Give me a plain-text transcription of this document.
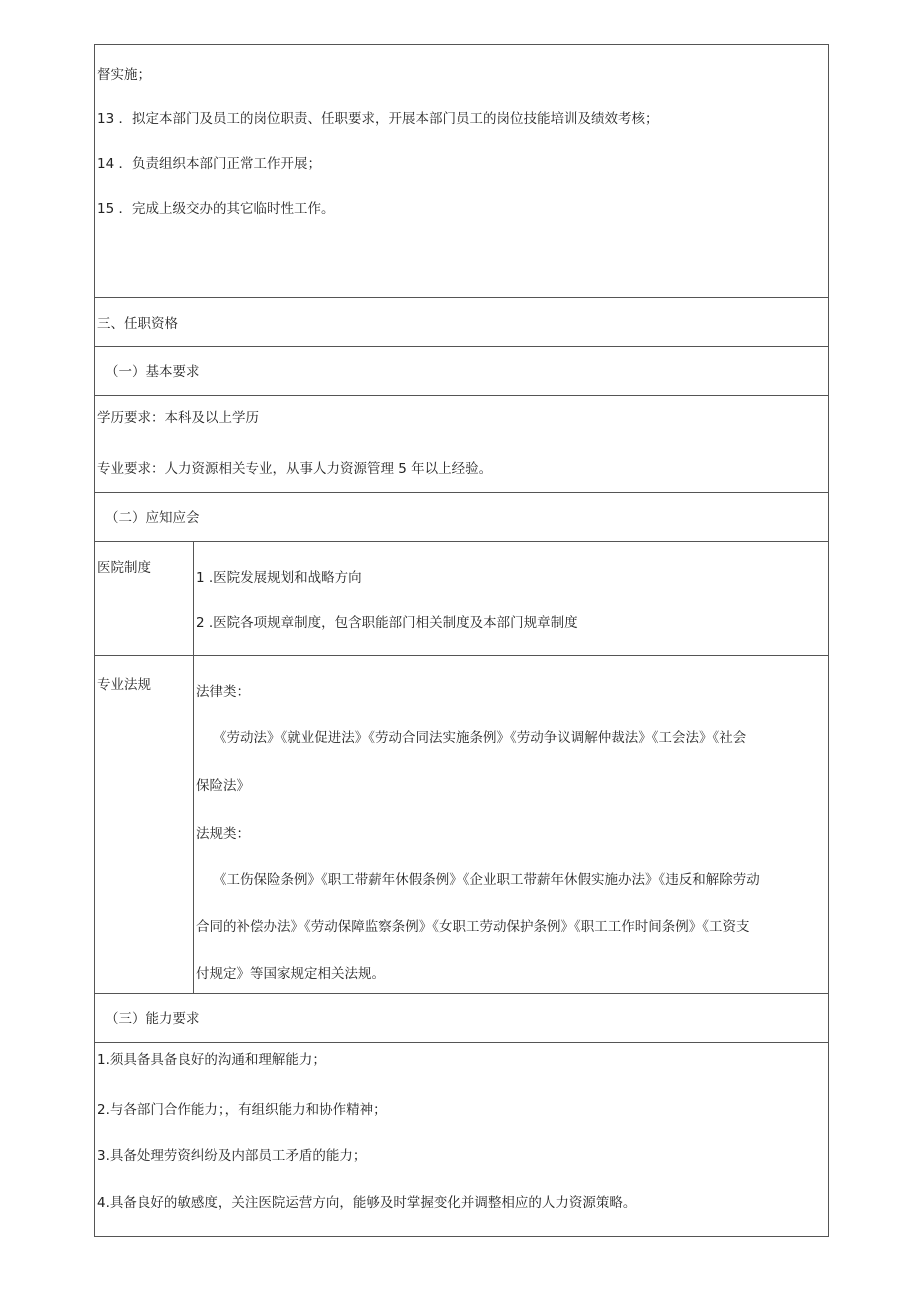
督实施；
13 ．拟定本部门及员工的岗位职责、任职要求，开展本部门员工的岗位技能培训及绩效考核；
14 ．负责组织本部门正常工作开展；
15 ．完成上级交办的其它临时性工作。
三、任职资格
（一）基本要求
学历要求：本科及以上学历
专业要求：人力资源相关专业，从事人力资源管理 5 年以上经验。
（二）应知应会
医院制度
1 .医院发展规划和战略方向
2 .医院各项规章制度，包含职能部门相关制度及本部门规章制度
专业法规	法律类：
《劳动法》《就业促进法》《劳动合同法实施条例》《劳动争议调解仲裁法》《工会法》《社会
保险法》
法规类：
《工伤保险条例》《职工带薪年休假条例》《企业职工带薪年休假实施办法》《违反和解除劳动
合同的补偿办法》《劳动保障监察条例》《女职工劳动保护条例》《职工工作时间条例》《工资支
付规定》等国家规定相关法规。
（三）能力要求
1.须具备具备良好的沟通和理解能力；
2.与各部门合作能力；，有组织能力和协作精神；
3.具备处理劳资纠纷及内部员工矛盾的能力；
4.具备良好的敏感度，关注医院运营方向，能够及时掌握变化并调整相应的人力资源策略。
